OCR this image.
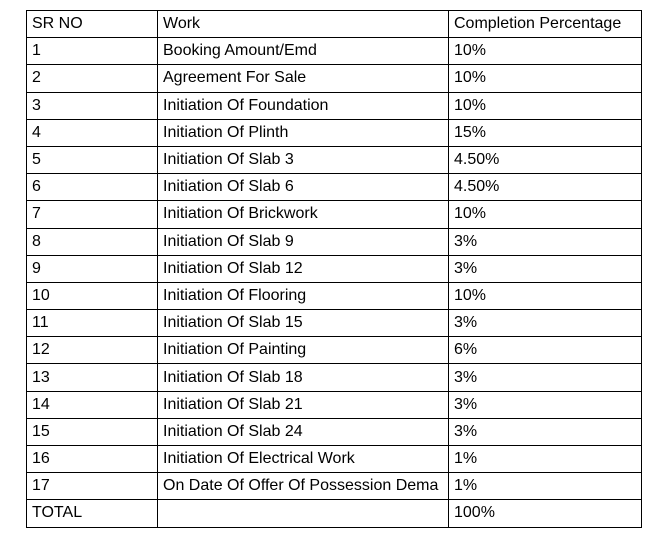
SR NO	Work	Completion Percentage
1	Booking Amount/Emd	10%
2	Agreement For Sale	10%
3	Initiation Of Foundation	10%
4	Initiation Of Plinth	15%
5	Initiation Of Slab 3	4.50%
6	Initiation Of Slab 6	4.50%
7	Initiation Of Brickwork	10%
8	Initiation Of Slab 9	3%
9	Initiation Of Slab 12	3%
10	Initiation Of Flooring	10%
11	Initiation Of Slab 15	3%
12	Initiation Of Painting	6%
13	Initiation Of Slab 18	3%
14	Initiation Of Slab 21	3%
15	Initiation Of Slab 24	3%
16	Initiation Of Electrical Work	1%
17	On Date Of Offer Of Possession Dema	1%
TOTAL		100%
